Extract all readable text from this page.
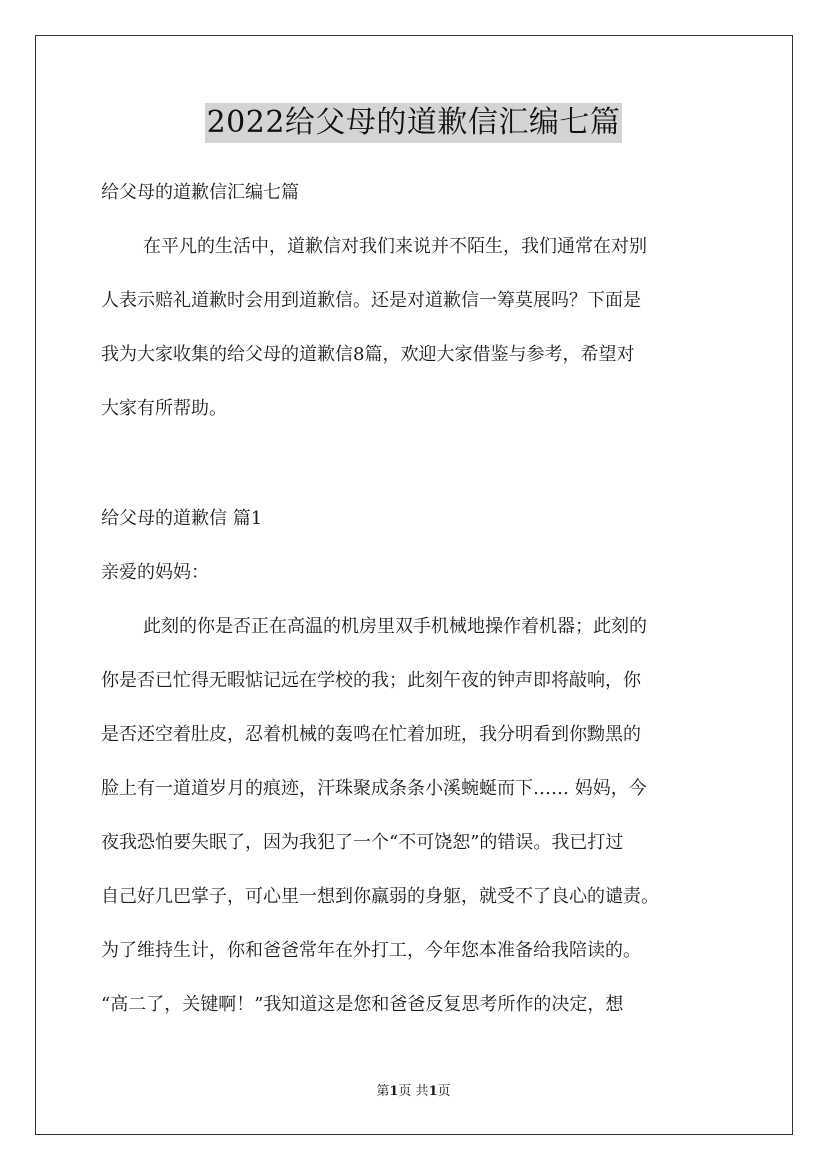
2022给父母的道歉信汇编七篇
给父母的道歉信汇编七篇
在平凡的生活中，道歉信对我们来说并不陌生，我们通常在对别
人表示赔礼道歉时会用到道歉信。还是对道歉信一筹莫展吗？下面是
我为大家收集的给父母的道歉信8篇，欢迎大家借鉴与参考，希望对
大家有所帮助。
给父母的道歉信 篇1
亲爱的妈妈：
此刻的你是否正在高温的机房里双手机械地操作着机器；此刻的
你是否已忙得无暇惦记远在学校的我；此刻午夜的钟声即将敲响，你
是否还空着肚皮，忍着机械的轰鸣在忙着加班，我分明看到你黝黑的
脸上有一道道岁月的痕迹，汗珠聚成条条小溪蜿蜒而下…… 妈妈，今
夜我恐怕要失眠了，因为我犯了一个“不可饶恕”的错误。我已打过
自己好几巴掌子，可心里一想到你羸弱的身躯，就受不了良心的谴责。
为了维持生计，你和爸爸常年在外打工，今年您本准备给我陪读的。
“高二了，关键啊！”我知道这是您和爸爸反复思考所作的决定，想
第1页 共1页
